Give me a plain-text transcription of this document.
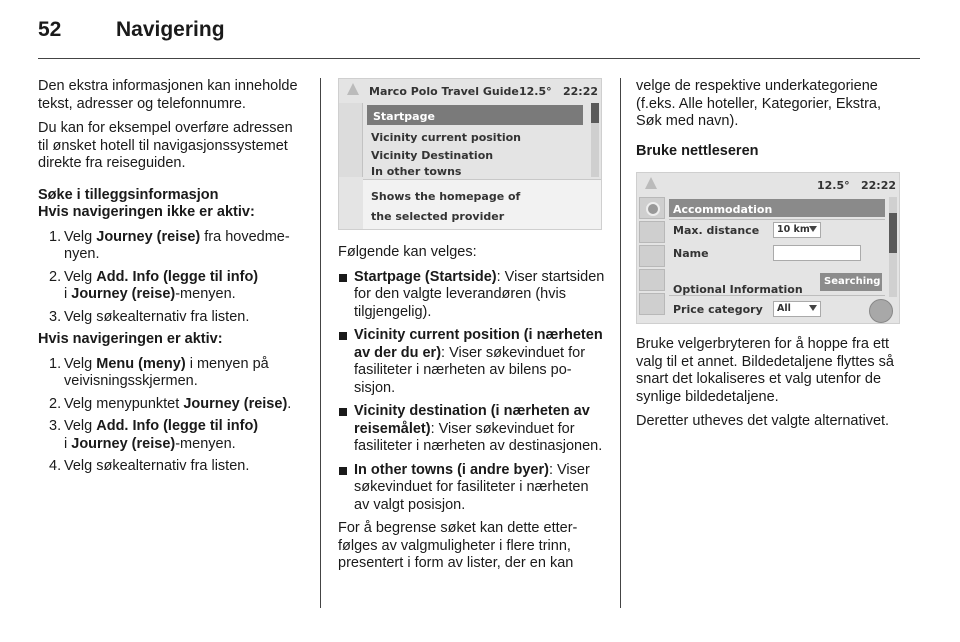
52	Navigering

Den ekstra informasjonen kan inneholde tekst, adresser og telefonnumre.

Du kan for eksempel overføre adressen til ønsket hotell til navigasjonssystemet direkte fra reiseguiden.

Søke i tilleggsinformasjon
Hvis navigeringen ikke er aktiv:
1. Velg Journey (reise) fra hovedmenyen.
2. Velg Add. Info (legge til info)
i Journey (reise)-menyen.
3. Velg søkealternativ fra listen.
Hvis navigeringen er aktiv:
1. Velg Menu (meny) i menyen på veivisningsskjermen.
2. Velg menypunktet Journey (reise).
3. Velg Add. Info (legge til info)
i Journey (reise)-menyen.
4. Velg søkealternativ fra listen.
Marco Polo Travel Guide 12.5° 22:22
Startpage
Vicinity current position
Vicinity Destination
In other towns
Shows the homepage of
the selected provider

Følgende kan velges:

Startpage (Startside): Viser startsiden for den valgte leverandøren (hvis tilgjengelig).
Vicinity current position (i nærheten av der du er): Viser søkevinduet for fasiliteter i nærheten av bilens posisjon.
Vicinity destination (i nærheten av reisemålet): Viser søkevinduet for fasiliteter i nærheten av destinasjonen.
In other towns (i andre byer): Viser søkevinduet for fasiliteter i nærheten av valgt posisjon.

For å begrense søket kan dette etterfølges av valgmuligheter i flere trinn, presentert i form av lister, der en kan

velge de respektive underkategoriene (f.eks. Alle hoteller, Kategorier, Ekstra, Søk med navn).

Bruke nettleseren
12.5° 22:22
Accommodation
Max. distance	10 km
Name
Searching
Optional Information
Price category	All

Bruke velgerbryteren for å hoppe fra ett valg til et annet. Bildedetaljene flyttes så snart det lokaliseres et valg utenfor de synlige bildedetaljene.

Deretter utheves det valgte alternativet.
